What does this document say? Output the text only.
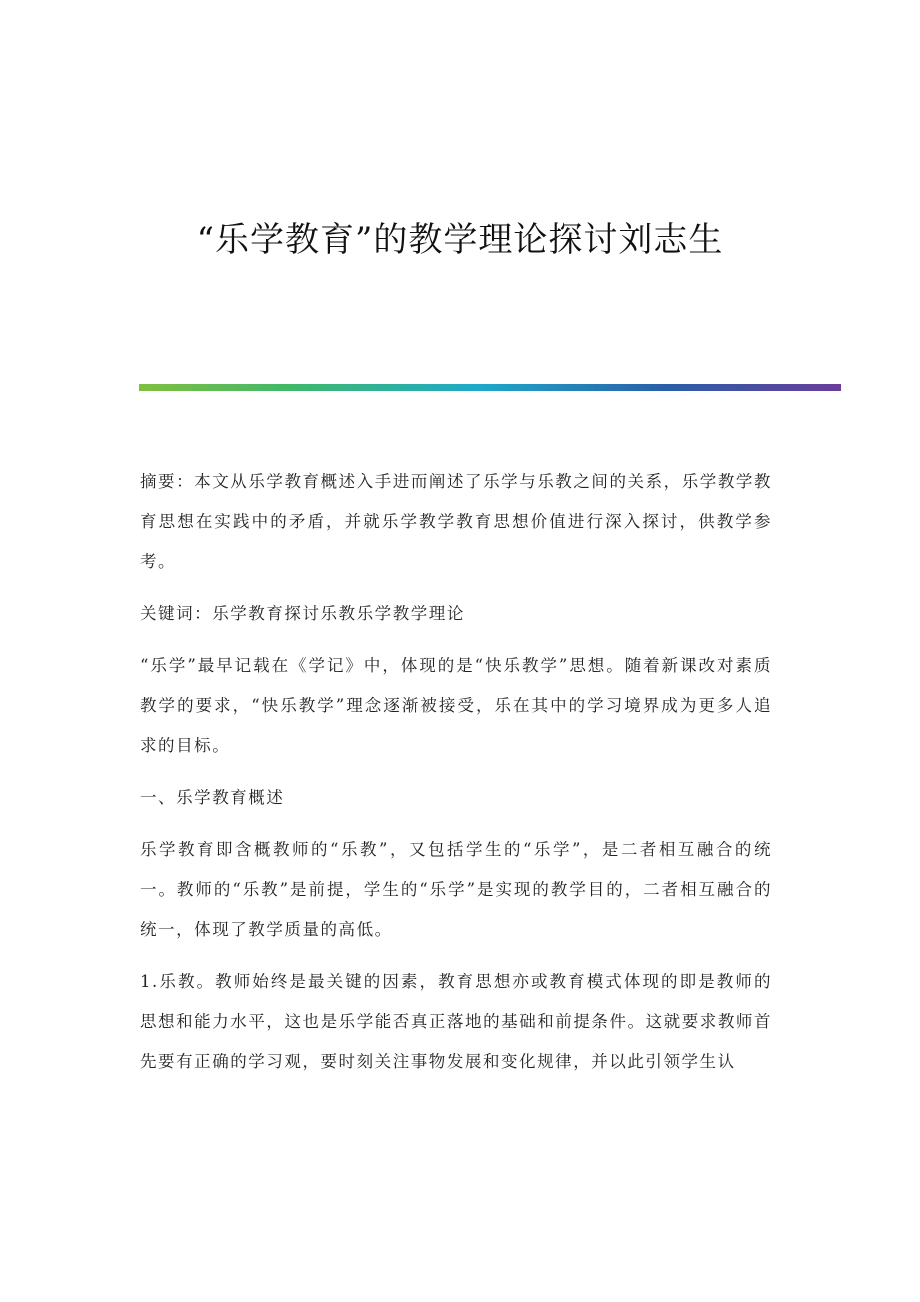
“乐学教育”的教学理论探讨刘志生

摘要：本文从乐学教育概述入手进而阐述了乐学与乐教之间的关系，乐学教学教育思想在实践中的矛盾，并就乐学教学教育思想价值进行深入探讨，供教学参考。

关键词：乐学教育探讨乐教乐学教学理论

“乐学”最早记载在《学记》中，体现的是“快乐教学”思想。随着新课改对素质教学的要求，“快乐教学”理念逐渐被接受，乐在其中的学习境界成为更多人追求的目标。

一、乐学教育概述

乐学教育即含概教师的“乐教”，又包括学生的“乐学”，是二者相互融合的统一。教师的“乐教”是前提，学生的“乐学”是实现的教学目的，二者相互融合的统一，体现了教学质量的高低。

1.乐教。教师始终是最关键的因素，教育思想亦或教育模式体现的即是教师的思想和能力水平，这也是乐学能否真正落地的基础和前提条件。这就要求教师首先要有正确的学习观，要时刻关注事物发展和变化规律，并以此引领学生认
